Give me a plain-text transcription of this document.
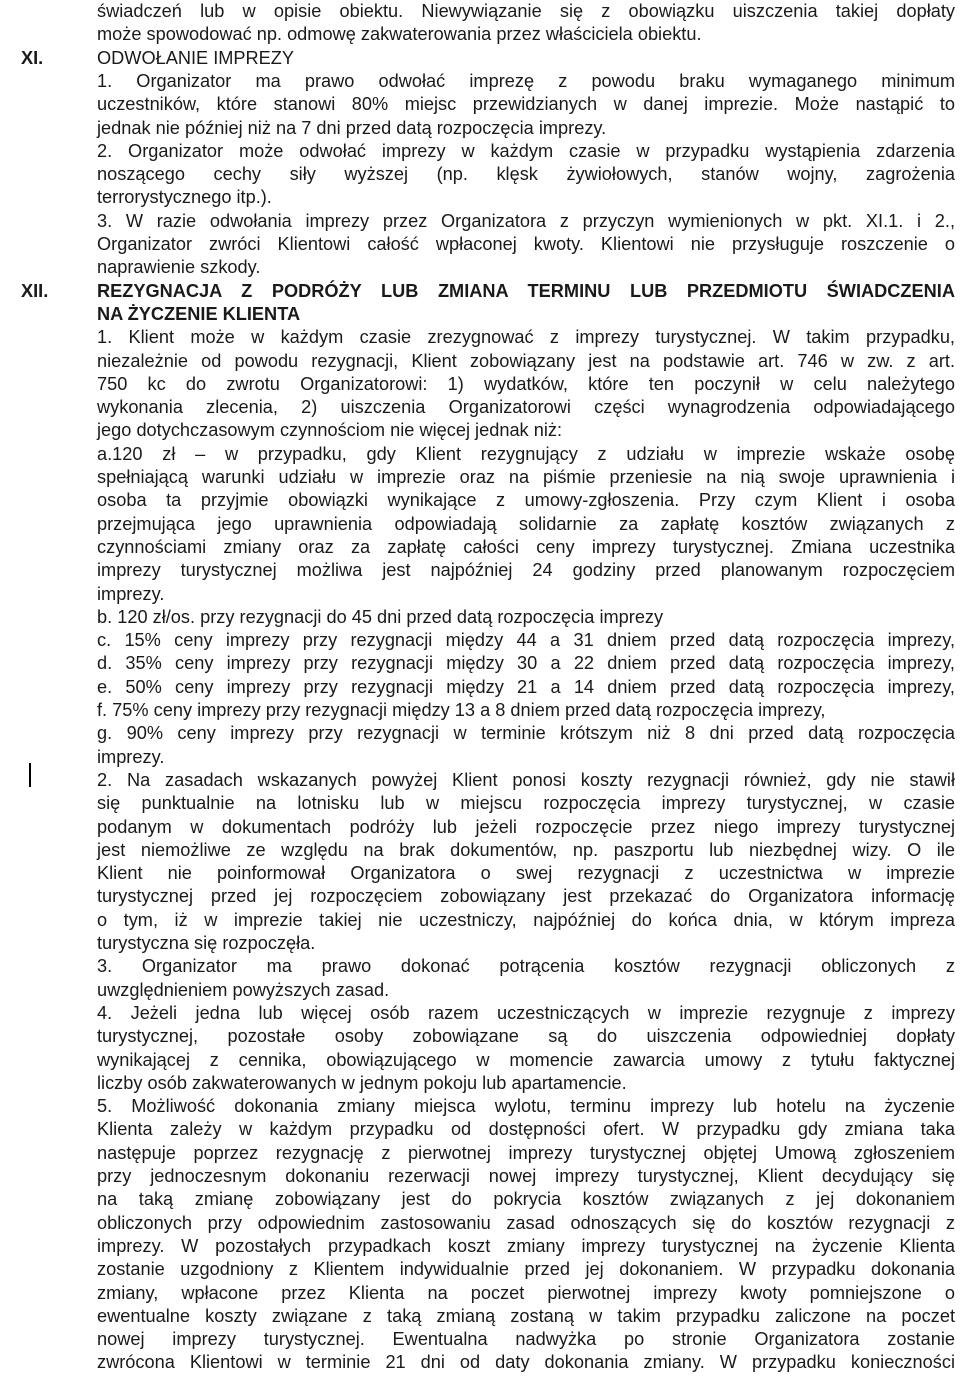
świadczeń lub w opisie obiektu. Niewywiązanie się z obowiązku uiszczenia takiej dopłaty
może spowodować np. odmowę zakwaterowania przez właściciela obiektu.
XI.	ODWOŁANIE IMPREZY
1. Organizator ma prawo odwołać imprezę z powodu braku wymaganego minimum
uczestników, które stanowi 80% miejsc przewidzianych w danej imprezie. Może nastąpić to
jednak nie później niż na 7 dni przed datą rozpoczęcia imprezy.
2. Organizator może odwołać imprezy w każdym czasie w przypadku wystąpienia zdarzenia
noszącego cechy siły wyższej (np. klęsk żywiołowych, stanów wojny, zagrożenia
terrorystycznego itp.).
3. W razie odwołania imprezy przez Organizatora z przyczyn wymienionych w pkt. XI.1. i 2.,
Organizator zwróci Klientowi całość wpłaconej kwoty. Klientowi nie przysługuje roszczenie o
naprawienie szkody.
XII.	REZYGNACJA Z PODRÓŻY LUB ZMIANA TERMINU LUB PRZEDMIOTU ŚWIADCZENIA
NA ŻYCZENIE KLIENTA
1. Klient może w każdym czasie zrezygnować z imprezy turystycznej. W takim przypadku,
niezależnie od powodu rezygnacji, Klient zobowiązany jest na podstawie art. 746 w zw. z art.
750 kc do zwrotu Organizatorowi: 1) wydatków, które ten poczynił w celu należytego
wykonania zlecenia, 2) uiszczenia Organizatorowi części wynagrodzenia odpowiadającego
jego dotychczasowym czynnościom nie więcej jednak niż:
a.120 zł – w przypadku, gdy Klient rezygnujący z udziału w imprezie wskaże osobę
spełniającą warunki udziału w imprezie oraz na piśmie przeniesie na nią swoje uprawnienia i
osoba ta przyjmie obowiązki wynikające z umowy-zgłoszenia. Przy czym Klient i osoba
przejmująca jego uprawnienia odpowiadają solidarnie za zapłatę kosztów związanych z
czynnościami zmiany oraz za zapłatę całości ceny imprezy turystycznej. Zmiana uczestnika
imprezy turystycznej możliwa jest najpóźniej 24 godziny przed planowanym rozpoczęciem
imprezy.
b. 120 zł/os. przy rezygnacji do 45 dni przed datą rozpoczęcia imprezy
c. 15% ceny imprezy przy rezygnacji między 44 a 31 dniem przed datą rozpoczęcia imprezy,
d. 35% ceny imprezy przy rezygnacji między 30 a 22 dniem przed datą rozpoczęcia imprezy,
e. 50% ceny imprezy przy rezygnacji między 21 a 14 dniem przed datą rozpoczęcia imprezy,
f. 75% ceny imprezy przy rezygnacji między 13 a 8 dniem przed datą rozpoczęcia imprezy,
g. 90% ceny imprezy przy rezygnacji w terminie krótszym niż 8 dni przed datą rozpoczęcia
imprezy.
2. Na zasadach wskazanych powyżej Klient ponosi koszty rezygnacji również, gdy nie stawił
się punktualnie na lotnisku lub w miejscu rozpoczęcia imprezy turystycznej, w czasie
podanym w dokumentach podróży lub jeżeli rozpoczęcie przez niego imprezy turystycznej
jest niemożliwe ze względu na brak dokumentów, np. paszportu lub niezbędnej wizy. O ile
Klient nie poinformował Organizatora o swej rezygnacji z uczestnictwa w imprezie
turystycznej przed jej rozpoczęciem zobowiązany jest przekazać do Organizatora informację
o tym, iż w imprezie takiej nie uczestniczy, najpóźniej do końca dnia, w którym impreza
turystyczna się rozpoczęła.
3. Organizator ma prawo dokonać potrącenia kosztów rezygnacji obliczonych z
uwzględnieniem powyższych zasad.
4. Jeżeli jedna lub więcej osób razem uczestniczących w imprezie rezygnuje z imprezy
turystycznej, pozostałe osoby zobowiązane są do uiszczenia odpowiedniej dopłaty
wynikającej z cennika, obowiązującego w momencie zawarcia umowy z tytułu faktycznej
liczby osób zakwaterowanych w jednym pokoju lub apartamencie.
5. Możliwość dokonania zmiany miejsca wylotu, terminu imprezy lub hotelu na życzenie
Klienta zależy w każdym przypadku od dostępności ofert. W przypadku gdy zmiana taka
następuje poprzez rezygnację z pierwotnej imprezy turystycznej objętej Umową zgłoszeniem
przy jednoczesnym dokonaniu rezerwacji nowej imprezy turystycznej, Klient decydujący się
na taką zmianę zobowiązany jest do pokrycia kosztów związanych z jej dokonaniem
obliczonych przy odpowiednim zastosowaniu zasad odnoszących się do kosztów rezygnacji z
imprezy. W pozostałych przypadkach koszt zmiany imprezy turystycznej na życzenie Klienta
zostanie uzgodniony z Klientem indywidualnie przed jej dokonaniem. W przypadku dokonania
zmiany, wpłacone przez Klienta na poczet pierwotnej imprezy kwoty pomniejszone o
ewentualne koszty związane z taką zmianą zostaną w takim przypadku zaliczone na poczet
nowej imprezy turystycznej. Ewentualna nadwyżka po stronie Organizatora zostanie
zwrócona Klientowi w terminie 21 dni od daty dokonania zmiany. W przypadku konieczności
